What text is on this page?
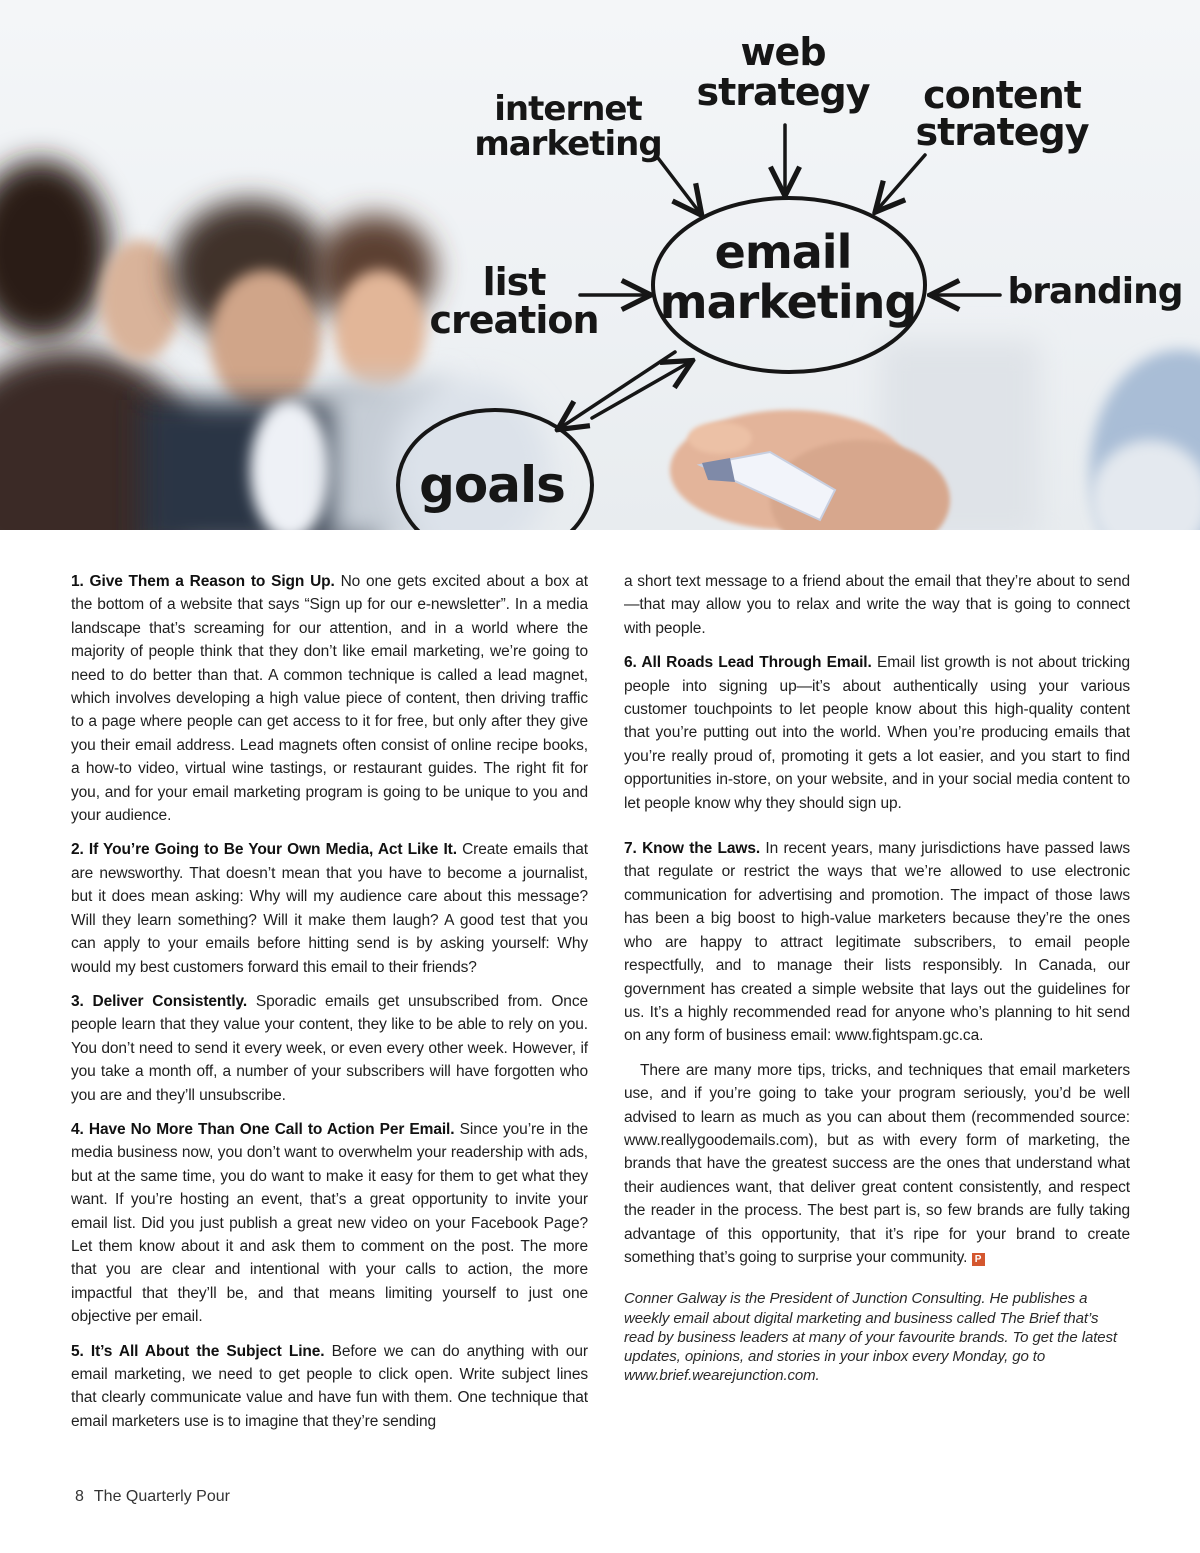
web
strategy
internet
marketing
content
strategy
list
creation
branding
email
marketing
goals

1. Give Them a Reason to Sign Up. No one gets excited about a box at the bottom of a website that says “Sign up for our e-newsletter”. In a media landscape that’s screaming for our attention, and in a world where the majority of people think that they don’t like email marketing, we’re going to need to do better than that. A common technique is called a lead magnet, which involves developing a high value piece of content, then driving traffic to a page where people can get access to it for free, but only after they give you their email address. Lead magnets often consist of online recipe books, a how-to video, virtual wine tastings, or restaurant guides. The right fit for you, and for your email marketing program is going to be unique to you and your audience.

2. If You’re Going to Be Your Own Media, Act Like It. Create emails that are newsworthy. That doesn’t mean that you have to become a journalist, but it does mean asking: Why will my audience care about this message? Will they learn something? Will it make them laugh? A good test that you can apply to your emails before hitting send is by asking yourself: Why would my best customers forward this email to their friends?

3. Deliver Consistently. Sporadic emails get unsubscribed from. Once people learn that they value your content, they like to be able to rely on you. You don’t need to send it every week, or even every other week. However, if you take a month off, a number of your subscribers will have forgotten who you are and they’ll unsubscribe.

4. Have No More Than One Call to Action Per Email. Since you’re in the media business now, you don’t want to overwhelm your readership with ads, but at the same time, you do want to make it easy for them to get what they want. If you’re hosting an event, that’s a great opportunity to invite your email list. Did you just publish a great new video on your Facebook Page? Let them know about it and ask them to comment on the post. The more that you are clear and intentional with your calls to action, the more impactful that they’ll be, and that means limiting yourself to just one objective per email.

5. It’s All About the Subject Line. Before we can do anything with our email marketing, we need to get people to click open. Write subject lines that clearly communicate value and have fun with them. One technique that email marketers use is to imagine that they’re sending

a short text message to a friend about the email that they’re about to send—that may allow you to relax and write the way that is going to connect with people.

6. All Roads Lead Through Email. Email list growth is not about tricking people into signing up—it’s about authentically using your various customer touchpoints to let people know about this high-quality content that you’re putting out into the world. When you’re producing emails that you’re really proud of, promoting it gets a lot easier, and you start to find opportunities in-store, on your website, and in your social media content to let people know why they should sign up.

7. Know the Laws. In recent years, many jurisdictions have passed laws that regulate or restrict the ways that we’re allowed to use electronic communication for advertising and promotion. The impact of those laws has been a big boost to high-value marketers because they’re the ones who are happy to attract legitimate subscribers, to email people respectfully, and to manage their lists responsibly. In Canada, our government has created a simple website that lays out the guidelines for us. It’s a highly recommended read for anyone who’s planning to hit send on any form of business email: www.fightspam.gc.ca.

There are many more tips, tricks, and techniques that email marketers use, and if you’re going to take your program seriously, you’d be well advised to learn as much as you can about them (recommended source: www.reallygoodemails.com), but as with every form of marketing, the brands that have the greatest success are the ones that understand what their audiences want, that deliver great content consistently, and respect the reader in the process. The best part is, so few brands are fully taking advantage of this opportunity, that it’s ripe for your brand to create something that’s going to surprise your community. P

Conner Galway is the President of Junction Consulting. He publishes a weekly email about digital marketing and business called The Brief that’s read by business leaders at many of your favourite brands. To get the latest updates, opinions, and stories in your inbox every Monday, go to www.brief.wearejunction.com.

8 The Quarterly Pour
